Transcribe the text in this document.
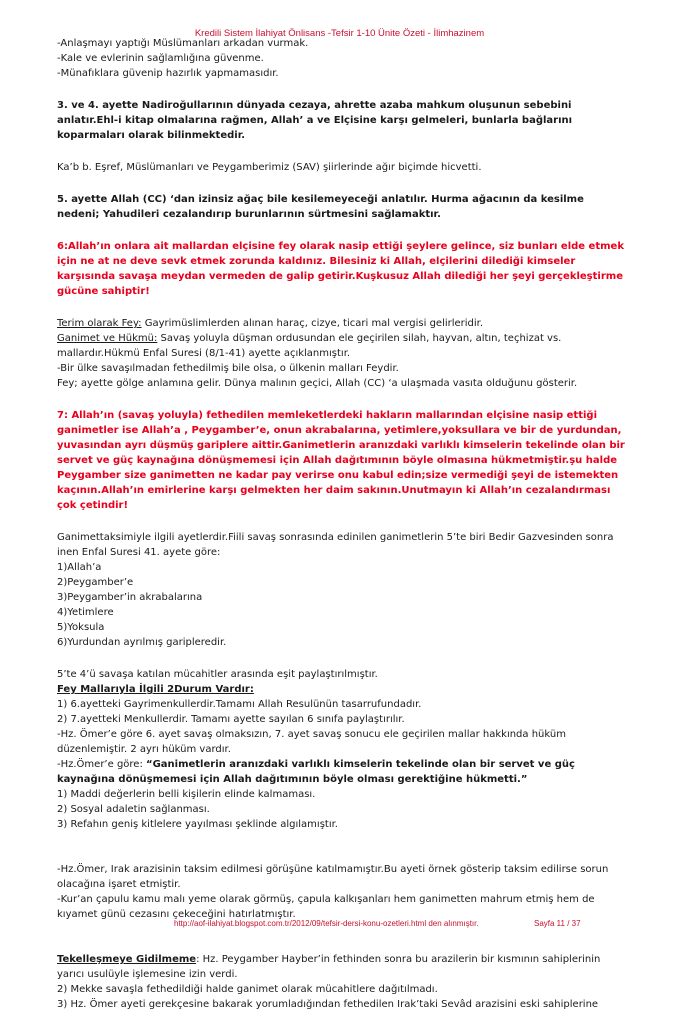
Kredili Sistem İlahiyat Önlisans -Tefsir 1-10 Ünite Özeti - İlimhazinem

-Anlaşmayı yaptığı Müslümanları arkadan vurmak.

-Kale ve evlerinin sağlamlığına güvenme.

-Münafıklara güvenip hazırlık yapmamasıdır.

3. ve 4. ayette Nadiroğullarının dünyada cezaya, ahrette azaba mahkum oluşunun sebebini anlatır.Ehl-i kitap olmalarına rağmen, Allah’ a ve Elçisine karşı gelmeleri, bunlarla bağlarını koparmaları olarak bilinmektedir.

Ka’b b. Eşref, Müslümanları ve Peygamberimiz (SAV) şiirlerinde ağır biçimde hicvetti.

5. ayette Allah (CC) ‘dan izinsiz ağaç bile kesilemeyeceği anlatılır. Hurma ağacının da kesilme nedeni; Yahudileri cezalandırıp burunlarının sürtmesini sağlamaktır.

6:Allah’ın onlara ait mallardan elçisine fey olarak nasip ettiği şeylere gelince, siz bunları elde etmek için ne at ne deve sevk etmek zorunda kaldınız. Bilesiniz ki Allah, elçilerini dilediği kimseler karşısında savaşa meydan vermeden de galip getirir.Kuşkusuz Allah dilediği her şeyi gerçekleştirme gücüne sahiptir!

Terim olarak Fey: Gayrimüslimlerden alınan haraç, cizye, ticari mal vergisi gelirleridir.

Ganimet ve Hükmü: Savaş yoluyla düşman ordusundan ele geçirilen silah, hayvan, altın, teçhizat vs. mallardır.Hükmü Enfal Suresi (8/1-41) ayette açıklanmıştır.

-Bir ülke savaşılmadan fethedilmiş bile olsa, o ülkenin malları Feydir.

Fey; ayette gölge anlamına gelir. Dünya malının geçici, Allah (CC) ‘a ulaşmada vasıta olduğunu gösterir.

7: Allah’ın (savaş yoluyla) fethedilen memleketlerdeki hakların mallarından elçisine nasip ettiği ganimetler ise Allah’a , Peygamber’e, onun akrabalarına, yetimlere,yoksullara ve bir de yurdundan, yuvasından ayrı düşmüş gariplere aittir.Ganimetlerin aranızdaki varlıklı kimselerin tekelinde olan bir servet ve güç kaynağına dönüşmemesi için Allah dağıtımının böyle olmasına hükmetmiştir.şu halde Peygamber size ganimetten ne kadar pay verirse onu kabul edin;size vermediği şeyi de istemekten kaçının.Allah’ın emirlerine karşı gelmekten her daim sakının.Unutmayın ki Allah’ın cezalandırması çok çetindir!

Ganimettaksimiyle ilgili ayetlerdir.Fiili savaş sonrasında edinilen ganimetlerin 5’te biri Bedir Gazvesinden sonra inen Enfal Suresi 41. ayete göre:

1)Allah’a

2)Peygamber’e

3)Peygamber’in akrabalarına

4)Yetimlere

5)Yoksula

6)Yurdundan ayrılmış garipleredir.

5’te 4’ü savaşa katılan mücahitler arasında eşit paylaştırılmıştır.

Fey Mallarıyla İlgili 2Durum Vardır:

1) 6.ayetteki Gayrimenkullerdir.Tamamı Allah Resulünün tasarrufundadır.

2) 7.ayetteki Menkullerdir. Tamamı ayette sayılan 6 sınıfa paylaştırılır.

-Hz. Ömer’e göre 6. ayet savaş olmaksızın, 7. ayet savaş sonucu ele geçirilen mallar hakkında hüküm düzenlemiştir. 2 ayrı hüküm vardır.

-Hz.Ömer’e göre: “Ganimetlerin aranızdaki varlıklı kimselerin tekelinde olan bir servet ve güç kaynağına dönüşmemesi için Allah dağıtımının böyle olması gerektiğine hükmetti.”

1) Maddi değerlerin belli kişilerin elinde kalmaması.

2) Sosyal adaletin sağlanması.

3) Refahın geniş kitlelere yayılması şeklinde algılamıştır.

-Hz.Ömer, Irak arazisinin taksim edilmesi görüşüne katılmamıştır.Bu ayeti örnek gösterip taksim edilirse sorun olacağına işaret etmiştir.

-Kur’an çapulu kamu malı yeme olarak görmüş, çapula kalkışanları hem ganimetten mahrum etmiş hem de kıyamet günü cezasını çekeceğini hatırlatmıştır.

Tekelleşmeye Gidilmeme: Hz. Peygamber Hayber’in fethinden sonra bu arazilerin bir kısmının sahiplerinin yarıcı usulüyle işlemesine izin verdi.

2) Mekke savaşla fethedildiği halde ganimet olarak mücahitlere dağıtılmadı.

3) Hz. Ömer ayeti gerekçesine bakarak yorumladığından fethedilen Irak’taki Sevâd arazisini eski sahiplerine

http://aof-ilahiyat.blogspot.com.tr/2012/09/tefsir-dersi-konu-ozetleri.html den alınmıştır.	Sayfa 11 / 37
